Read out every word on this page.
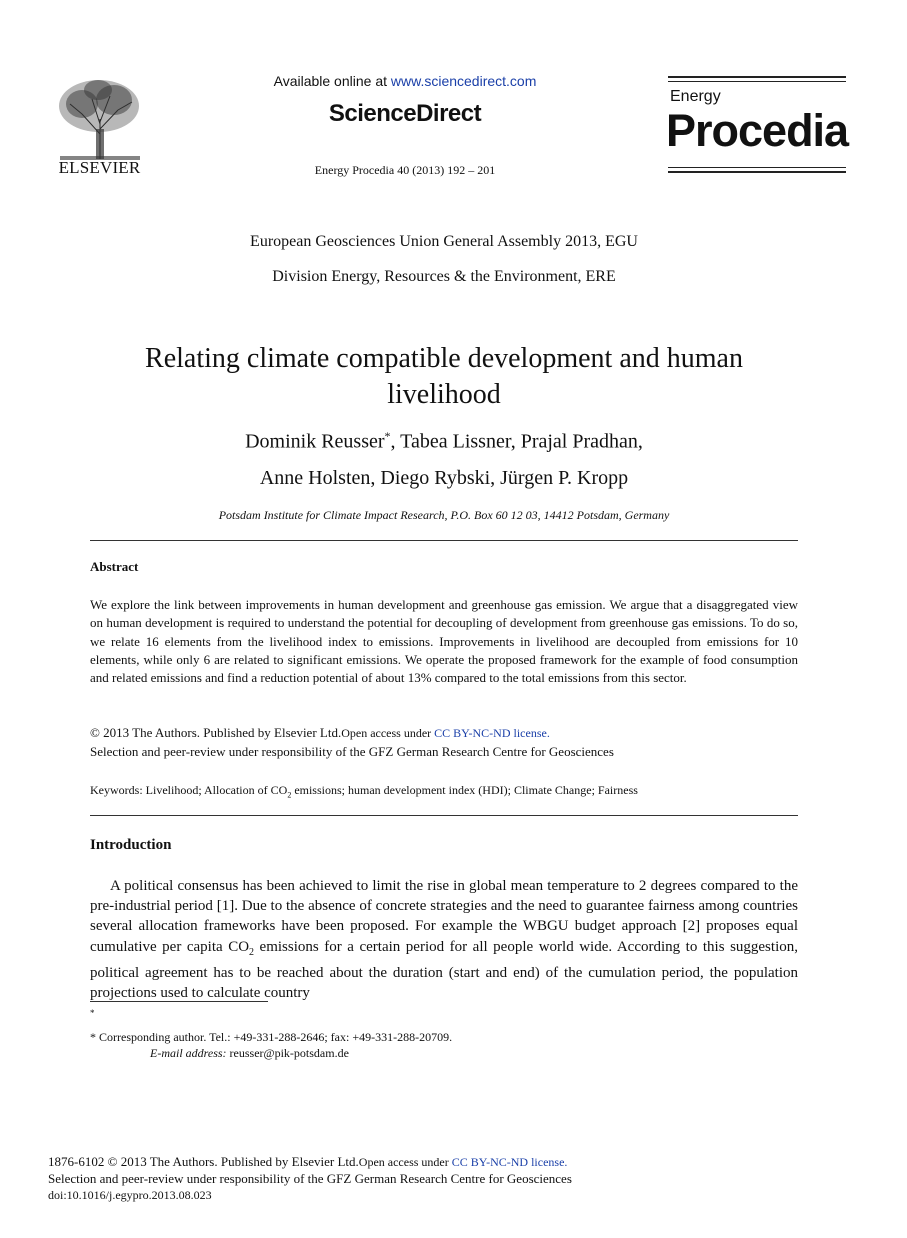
ELSEVIER
Available online at www.sciencedirect.com
ScienceDirect
Energy Procedia 40 (2013) 192 – 201
Energy
Procedia
European Geosciences Union General Assembly 2013, EGU
Division Energy, Resources & the Environment, ERE
Relating climate compatible development and human livelihood
Dominik Reusser*, Tabea Lissner, Prajal Pradhan,
Anne Holsten, Diego Rybski, Jürgen P. Kropp
Potsdam Institute for Climate Impact Research, P.O. Box 60 12 03, 14412 Potsdam, Germany
Abstract
We explore the link between improvements in human development and greenhouse gas emission. We argue that a disaggregated view on human development is required to understand the potential for decoupling of development from greenhouse gas emissions. To do so, we relate 16 elements from the livelihood index to emissions. Improvements in livelihood are decoupled from emissions for 10 elements, while only 6 are related to significant emissions. We operate the proposed framework for the example of food consumption and related emissions and find a reduction potential of about 13% compared to the total emissions from this sector.
© 2013 The Authors. Published by Elsevier Ltd.Open access under CC BY-NC-ND license.
Selection and peer-review under responsibility of the GFZ German Research Centre for Geosciences
Keywords: Livelihood; Allocation of $CO_2$ emissions; human development index (HDI); Climate Change; Fairness
Introduction
A political consensus has been achieved to limit the rise in global mean temperature to 2 degrees compared to the pre-industrial period [1]. Due to the absence of concrete strategies and the need to guarantee fairness among countries several allocation frameworks have been proposed. For example the WBGU budget approach [2] proposes equal cumulative per capita $CO_2$ emissions for a certain period for all people world wide. According to this suggestion, political agreement has to be reached about the duration (start and end) of the cumulation period, the population projections used to calculate country
*
* Corresponding author. Tel.: +49-331-288-2646; fax: +49-331-288-20709.
E-mail address: reusser@pik-potsdam.de
1876-6102 © 2013 The Authors. Published by Elsevier Ltd.Open access under CC BY-NC-ND license.
Selection and peer-review under responsibility of the GFZ German Research Centre for Geosciences
doi:10.1016/j.egypro.2013.08.023
